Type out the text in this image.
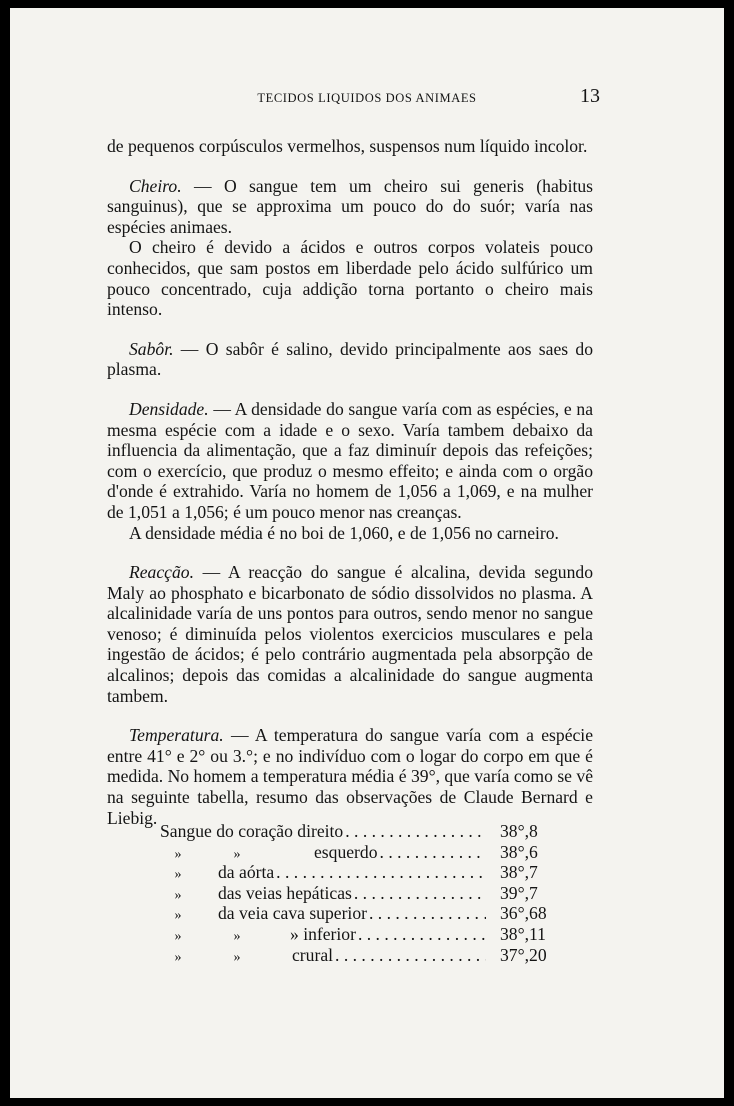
TECIDOS LIQUIDOS DOS ANIMAES	13

de pequenos corpúsculos vermelhos, suspensos num líquido incolor.

Cheiro. — O sangue tem um cheiro sui generis (habitus sanguinus), que se approxima um pouco do do suór; varía nas espécies animaes.

O cheiro é devido a ácidos e outros corpos volateis pouco conhecidos, que sam postos em liberdade pelo ácido sulfúrico um pouco concentrado, cuja addição torna portanto o cheiro mais intenso.

Sabôr. — O sabôr é salino, devido principalmente aos saes do plasma.

Densidade. — A densidade do sangue varía com as espécies, e na mesma espécie com a idade e o sexo. Varía tambem debaixo da influencia da alimentação, que a faz diminuír depois das refeições; com o exercício, que produz o mesmo effeito; e ainda com o orgão d'onde é extrahido. Varía no homem de 1,056 a 1,069, e na mulher de 1,051 a 1,056; é um pouco menor nas creanças.

A densidade média é no boi de 1,060, e de 1,056 no carneiro.

Reacção. — A reacção do sangue é alcalina, devida segundo Maly ao phosphato e bicarbonato de sódio dissolvidos no plasma. A alcalinidade varía de uns pontos para outros, sendo menor no sangue venoso; é diminuída pelos violentos exercicios musculares e pela ingestão de ácidos; é pelo contrário augmentada pela absorpção de alcalinos; depois das comidas a alcalinidade do sangue augmenta tambem.

Temperatura. — A temperatura do sangue varía com a espécie entre 41° e 2° ou 3.°; e no indivíduo com o logar do corpo em que é medida. No homem a temperatura média é 39°, que varía como se vê na seguinte tabella, resumo das observações de Claude Bernard e Liebig.

Sangue do coração direito . . .	38°,8
»	»	esquerdo . . .	38°,6
» da aórta . . .	38°,7
» das veias hepáticas . . .	39°,7
» da veia cava superior . . .	36°,68
»	»	» inferior . . .	38°,11
»	»	crural . . .	37°,20
